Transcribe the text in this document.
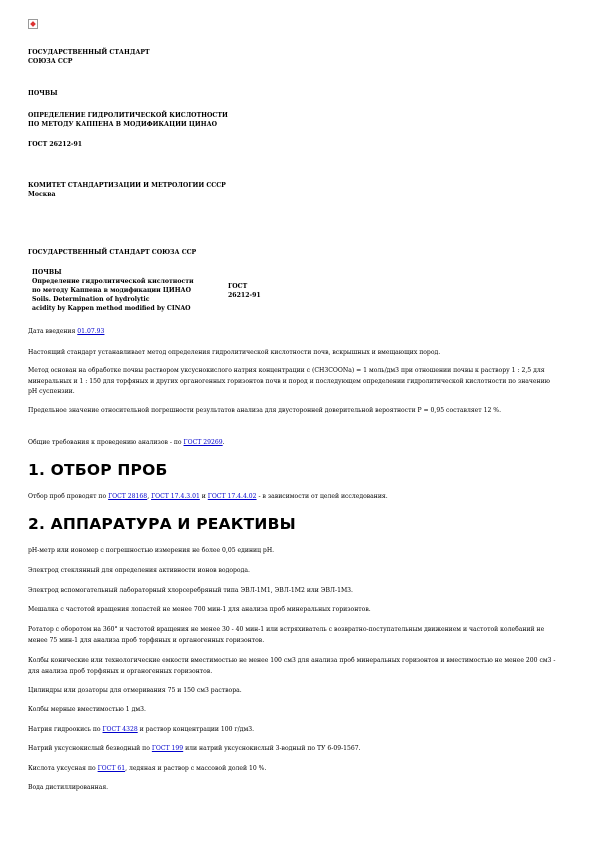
ГОСУДАРСТВЕННЫЙ СТАНДАРТ
СОЮЗА ССР
ПОЧВЫ
ОПРЕДЕЛЕНИЕ ГИДРОЛИТИЧЕСКОЙ КИСЛОТНОСТИ
ПО МЕТОДУ КАППЕНА В МОДИФИКАЦИИ ЦИНАО
ГОСТ 26212-91
КОМИТЕТ СТАНДАРТИЗАЦИИ И МЕТРОЛОГИИ СССР
Москва
ГОСУДАРСТВЕННЫЙ СТАНДАРТ СОЮЗА ССР
ПОЧВЫ
Определение гидролитической кислотности
по методу Каппена в модификации ЦИНАО
Soils. Determination of hydrolytic
acidity by Kappen method modified by CINAO
ГОСТ
26212-91
Дата введения 01.07.93
Настоящий стандарт устанавливает метод определения гидролитической кислотности почв, вскрышных и вмещающих пород.
Метод основан на обработке почвы раствором уксуснокислого натрия концентрации с (CH3COONa) = 1 моль/дм3 при отношении почвы к раствору 1 : 2,5 для минеральных и 1 : 150 для торфяных и других органогенных горизонтов почв и пород и последующем определении гидролитической кислотности по значению pH суспензии.
Предельное значение относительной погрешности результатов анализа для двусторонней доверительной вероятности P = 0,95 составляет 12 %.
Общие требования к проведению анализов - по ГОСТ 29269.
1. ОТБОР ПРОБ
Отбор проб проводят по ГОСТ 28168, ГОСТ 17.4.3.01 и ГОСТ 17.4.4.02 - в зависимости от целей исследования.
2. АППАРАТУРА И РЕАКТИВЫ
pH-метр или иономер с погрешностью измерения не более 0,05 единиц pH.
Электрод стеклянный для определения активности ионов водорода.
Электрод вспомогательный лабораторный хлорсеребряный типа ЭВЛ-1М1, ЭВЛ-1М2 или ЭВЛ-1М3.
Мешалка с частотой вращения лопастей не менее 700 мин-1 для анализа проб минеральных горизонтов.
Ротатор с оборотом на 360° и частотой вращения не менее 30 - 40 мин-1 или встряхиватель с возвратно-поступательным движением и частотой колебаний не менее 75 мин-1 для анализа проб торфяных и органогенных горизонтов.
Колбы конические или технологические емкости вместимостью не менее 100 см3 для анализа проб минеральных горизонтов и вместимостью не менее 200 см3 - для анализа проб торфяных и органогенных горизонтов.
Цилиндры или дозаторы для отмеривания 75 и 150 см3 раствора.
Колбы мерные вместимостью 1 дм3.
Натрия гидроокись по ГОСТ 4328 и раствор концентрации 100 г/дм3.
Натрий уксуснокислый безводный по ГОСТ 199 или натрий уксуснокислый 3-водный по ТУ 6-09-1567.
Кислота уксусная по ГОСТ 61, ледяная и раствор с массовой долей 10 %.
Вода дистиллированная.
